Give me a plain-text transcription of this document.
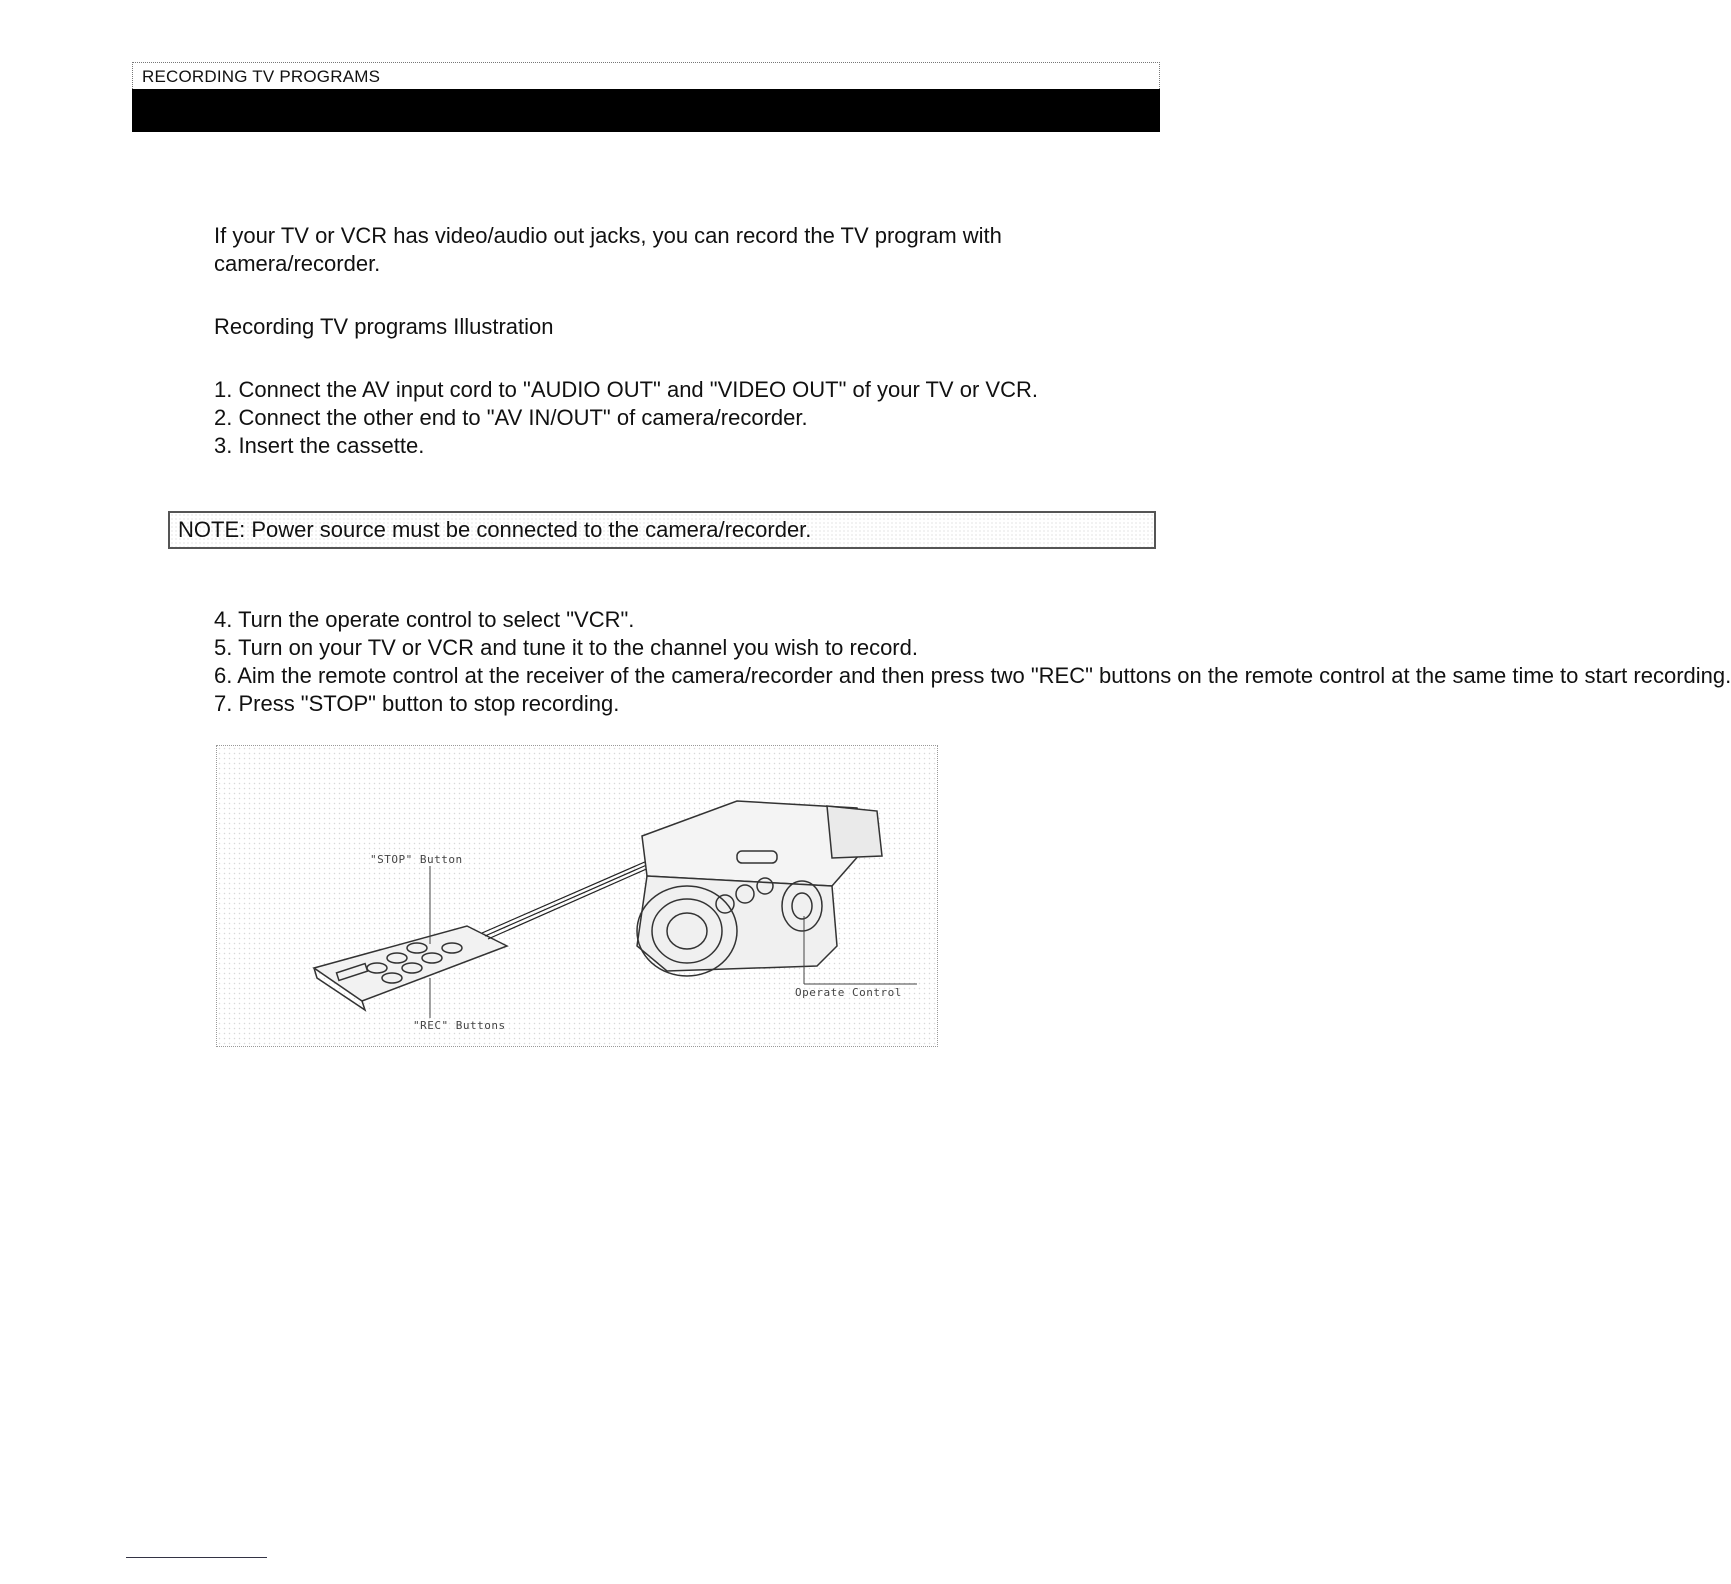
RECORDING TV PROGRAMS

If your TV or VCR has video/audio out jacks, you can record the TV program with camera/recorder.

Recording TV programs Illustration

1. Connect the AV input cord to "AUDIO OUT" and "VIDEO OUT" of your TV or VCR.
2. Connect the other end to "AV IN/OUT" of camera/recorder.
3. Insert the cassette.
NOTE: Power source must be connected to the camera/recorder.
4. Turn the operate control to select "VCR".
5. Turn on your TV or VCR and tune it to the channel you wish to record.
6. Aim the remote control at the receiver of the camera/recorder and then press two "REC" buttons on the remote control at the same time to start recording.
7. Press "STOP" button to stop recording.
"STOP" Button
"REC" Buttons
Operate Control
